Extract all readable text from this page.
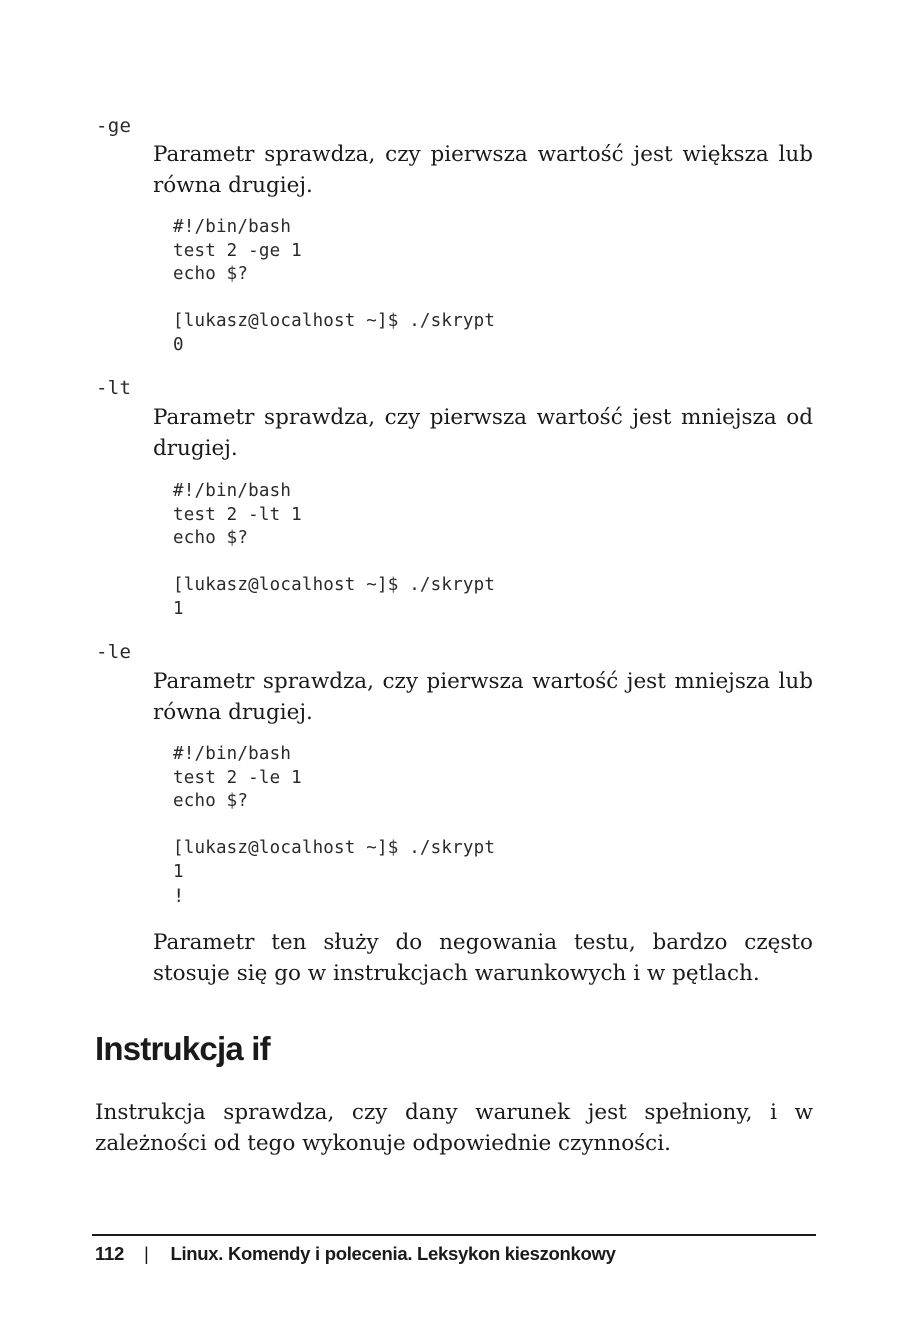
-ge
Parametr sprawdza, czy pierwsza wartość jest większa lub równa drugiej.
#!/bin/bash
test 2 -ge 1
echo $?

[lukasz@localhost ~]$ ./skrypt
0
-lt
Parametr sprawdza, czy pierwsza wartość jest mniejsza od drugiej.
#!/bin/bash
test 2 -lt 1
echo $?

[lukasz@localhost ~]$ ./skrypt
1
-le
Parametr sprawdza, czy pierwsza wartość jest mniejsza lub równa drugiej.
#!/bin/bash
test 2 -le 1
echo $?

[lukasz@localhost ~]$ ./skrypt
1
!
Parametr ten służy do negowania testu, bardzo często stosuje się go w instrukcjach warunkowych i w pętlach.
Instrukcja if
Instrukcja sprawdza, czy dany warunek jest spełniony, i w zależności od tego wykonuje odpowiednie czynności.
112 | Linux. Komendy i polecenia. Leksykon kieszonkowy
